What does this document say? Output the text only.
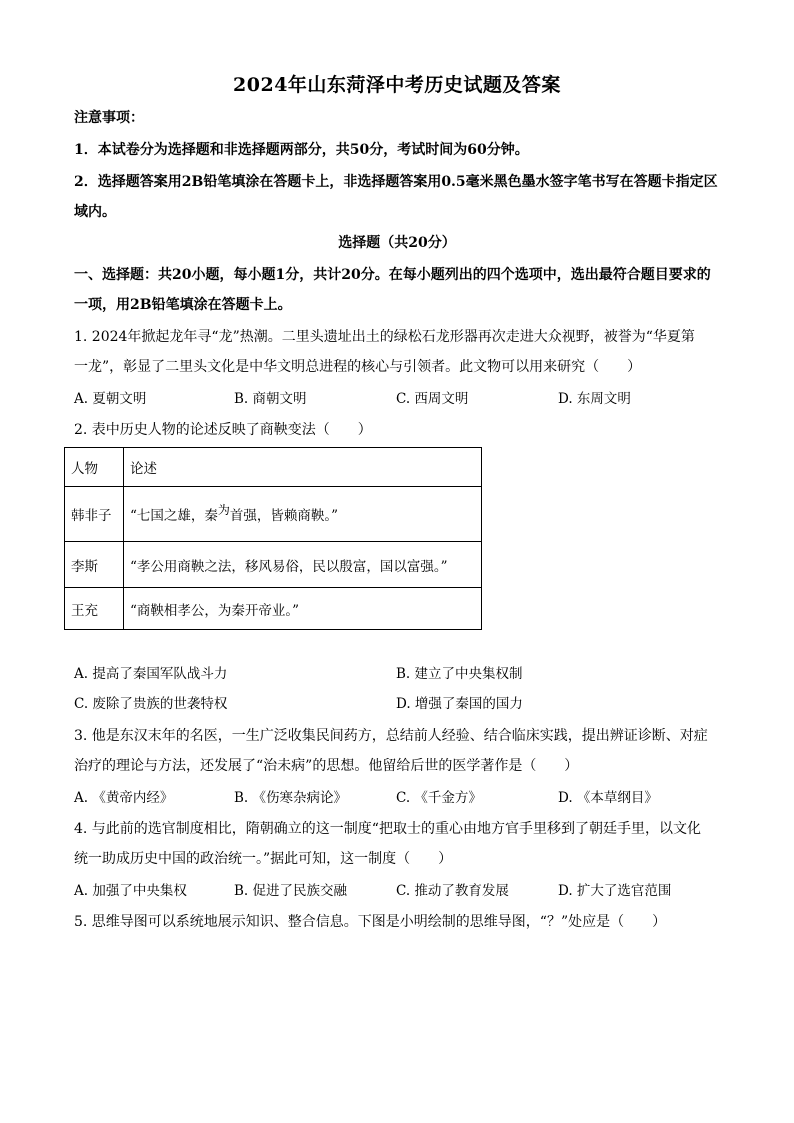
2024年山东菏泽中考历史试题及答案
注意事项：
1．本试卷分为选择题和非选择题两部分，共50分，考试时间为60分钟。
2．选择题答案用2B铅笔填涂在答题卡上，非选择题答案用0.5毫米黑色墨水签字笔书写在答题卡指定区
域内。
选择题（共20分）
一、选择题：共20小题，每小题1分，共计20分。在每小题列出的四个选项中，选出最符合题目要求的
一项，用2B铅笔填涂在答题卡上。
1. 2024年掀起龙年寻“龙”热潮。二里头遗址出土的绿松石龙形器再次走进大众视野，被誉为“华夏第
一龙”，彰显了二里头文化是中华文明总进程的核心与引领者。此文物可以用来研究（　　）
A. 夏朝文明	B. 商朝文明	C. 西周文明	D. 东周文明
2. 表中历史人物的论述反映了商鞅变法（　　）
人物	论述
韩非子	“七国之雄，秦$^为$首强，皆赖商鞅。”
李斯	“孝公用商鞅之法，移风易俗，民以殷富，国以富强。”
王充	“商鞅相孝公，为秦开帝业。”
A. 提高了秦国军队战斗力	B. 建立了中央集权制
C. 废除了贵族的世袭特权	D. 增强了秦国的国力
3. 他是东汉末年的名医，一生广泛收集民间药方，总结前人经验、结合临床实践，提出辨证诊断、对症
治疗的理论与方法，还发展了“治未病”的思想。他留给后世的医学著作是（　　）
A. 《黄帝内经》	B. 《伤寒杂病论》	C. 《千金方》	D. 《本草纲目》
4. 与此前的选官制度相比，隋朝确立的这一制度“把取士的重心由地方官手里移到了朝廷手里，以文化
统一助成历史中国的政治统一。”据此可知，这一制度（　　）
A. 加强了中央集权	B. 促进了民族交融	C. 推动了教育发展	D. 扩大了选官范围
5. 思维导图可以系统地展示知识、整合信息。下图是小明绘制的思维导图，“？”处应是（　　）
